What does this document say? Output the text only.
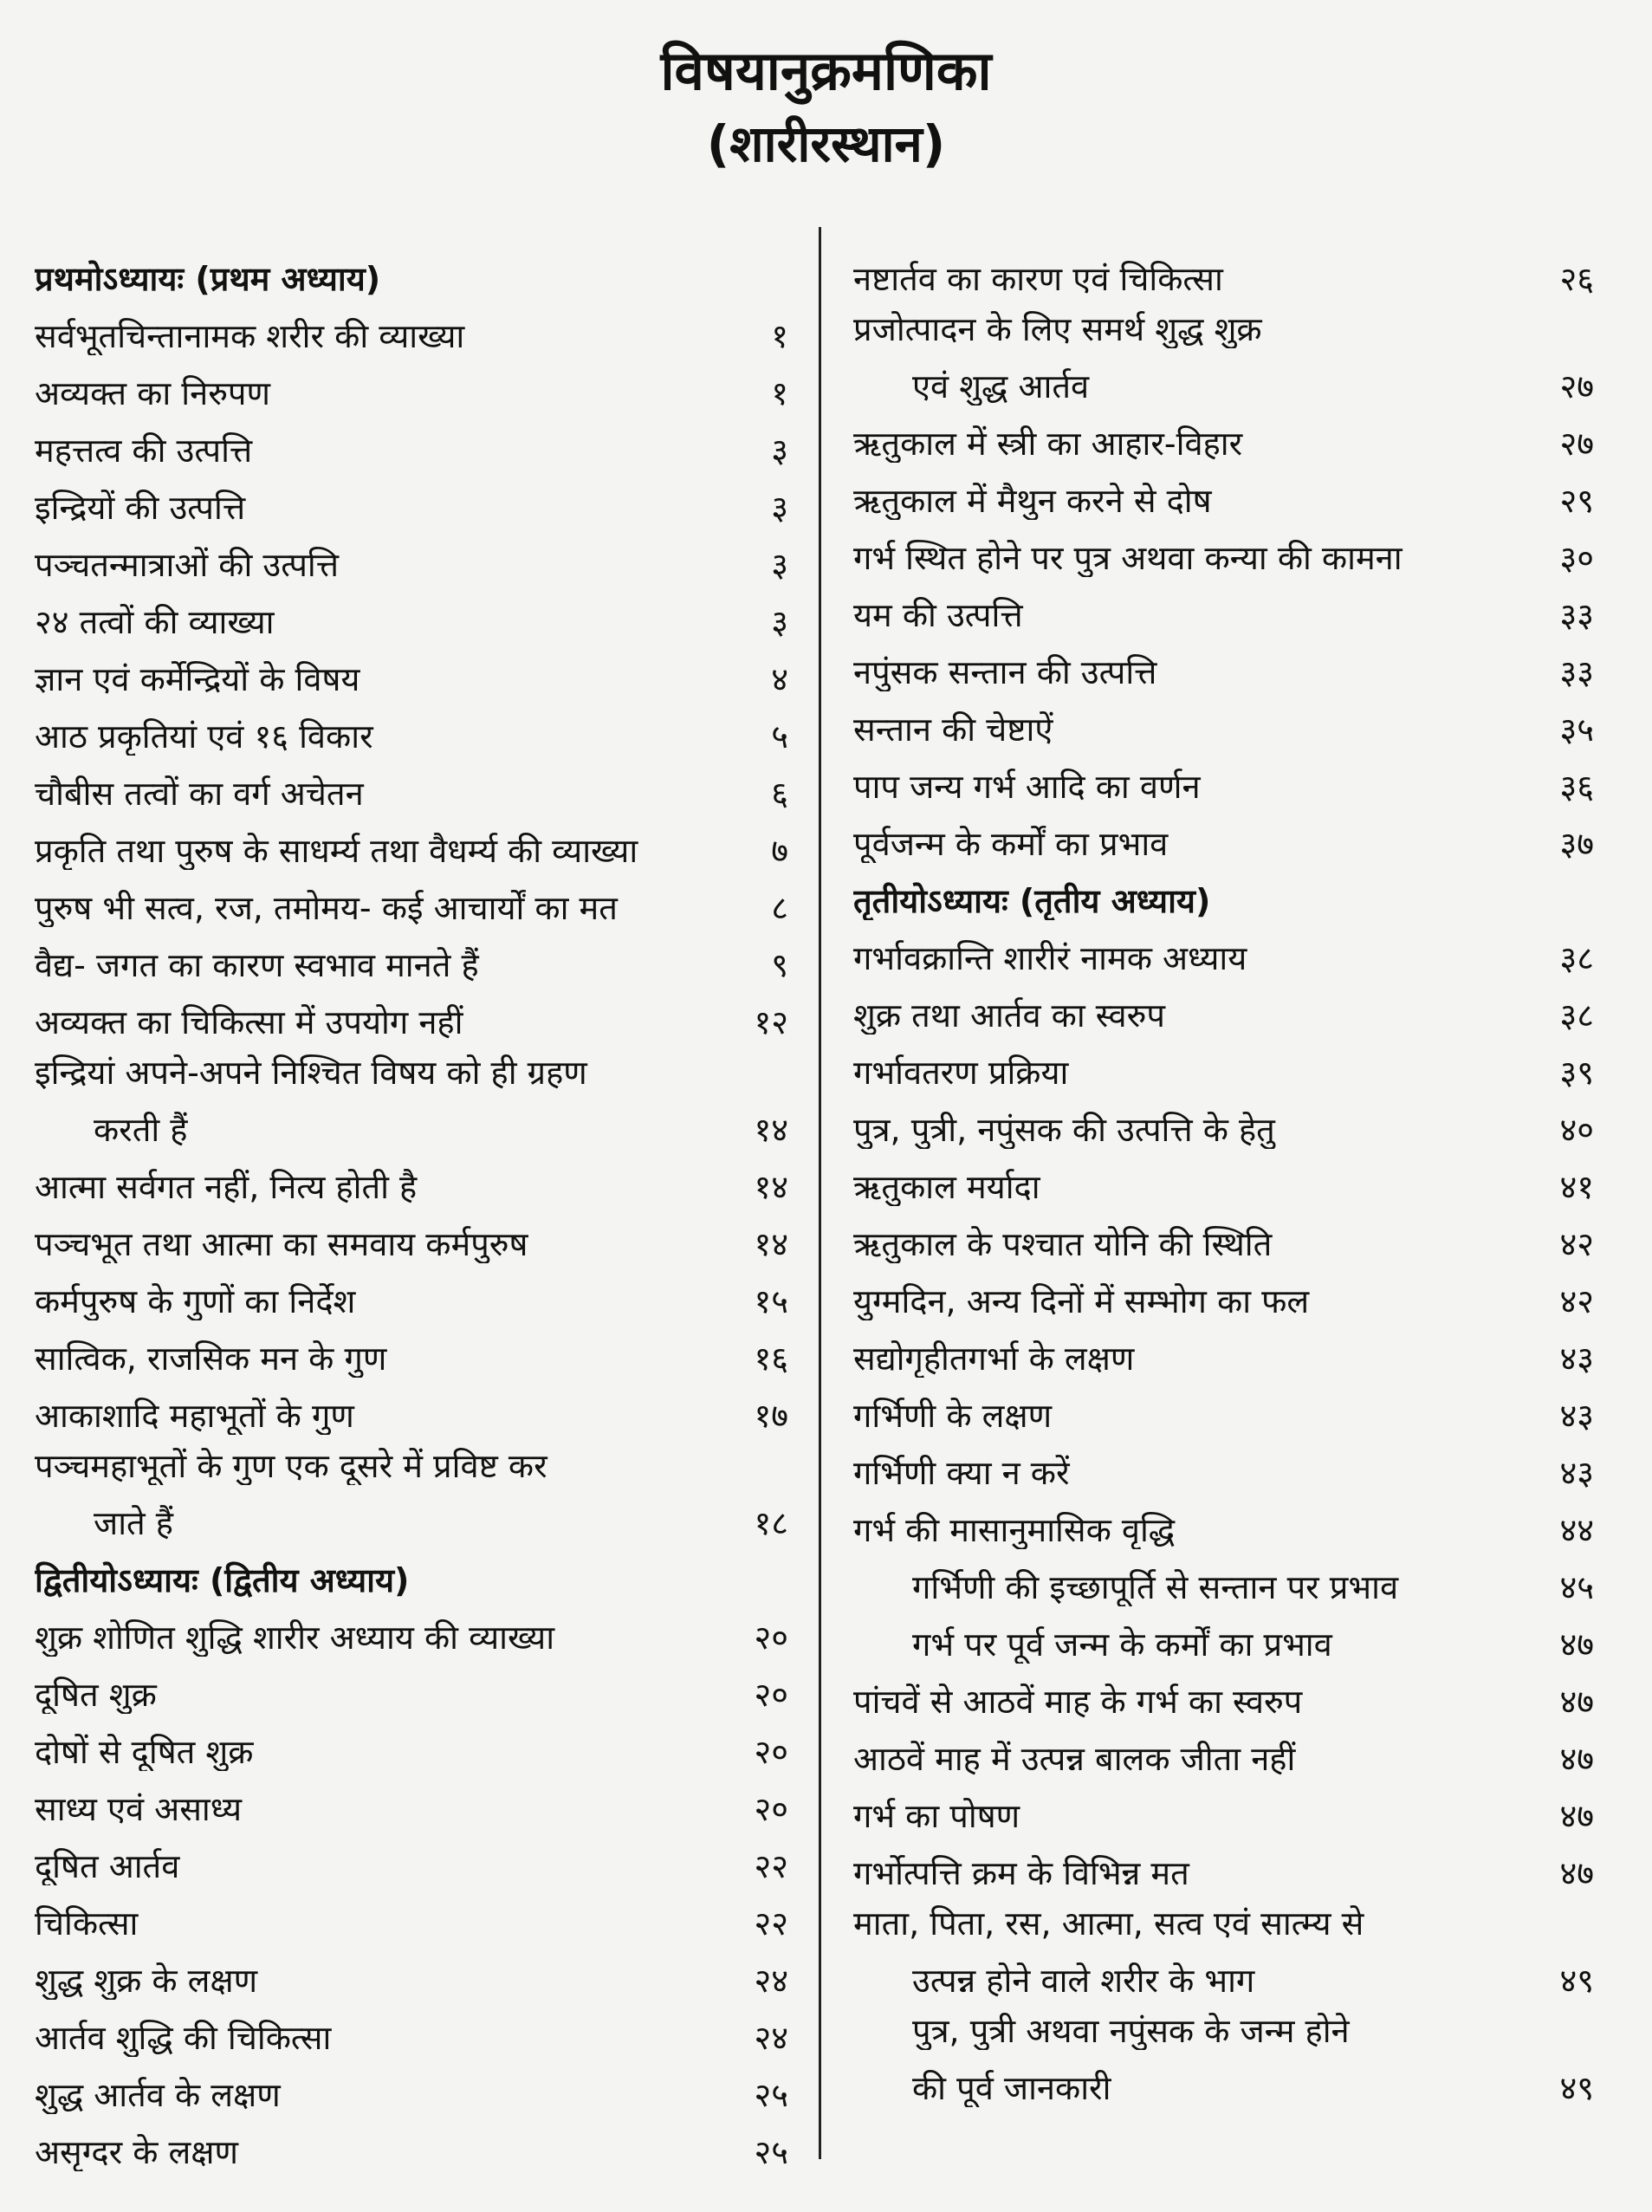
विषयानुक्रमणिका
(शारीरस्थान)
प्रथमोऽध्यायः (प्रथम अध्याय)
सर्वभूतचिन्तानामक शरीर की व्याख्या	१
अव्यक्त का निरुपण	१
महत्तत्व की उत्पत्ति	३
इन्द्रियों की उत्पत्ति	३
पञ्चतन्मात्राओं की उत्पत्ति	३
२४ तत्वों की व्याख्या	३
ज्ञान एवं कर्मेन्द्रियों के विषय	४
आठ प्रकृतियां एवं १६ विकार	५
चौबीस तत्वों का वर्ग अचेतन	६
प्रकृति तथा पुरुष के साधर्म्य तथा वैधर्म्य की व्याख्या	७
पुरुष भी सत्व, रज, तमोमय- कई आचार्यों का मत	८
वैद्य- जगत का कारण स्वभाव मानते हैं	९
अव्यक्त का चिकित्सा में उपयोग नहीं	१२
इन्द्रियां अपने-अपने निश्चित विषय को ही ग्रहण
करती हैं	१४
आत्मा सर्वगत नहीं, नित्य होती है	१४
पञ्चभूत तथा आत्मा का समवाय कर्मपुरुष	१४
कर्मपुरुष के गुणों का निर्देश	१५
सात्विक, राजसिक मन के गुण	१६
आकाशादि महाभूतों के गुण	१७
पञ्चमहाभूतों के गुण एक दूसरे में प्रविष्ट कर
जाते हैं	१८
द्वितीयोऽध्यायः (द्वितीय अध्याय)
शुक्र शोणित शुद्धि शारीर अध्याय की व्याख्या	२०
दूषित शुक्र	२०
दोषों से दूषित शुक्र	२०
साध्य एवं असाध्य	२०
दूषित आर्तव	२२
चिकित्सा	२२
शुद्ध शुक्र के लक्षण	२४
आर्तव शुद्धि की चिकित्सा	२४
शुद्ध आर्तव के लक्षण	२५
असृग्दर के लक्षण	२५
नष्टार्तव का कारण एवं चिकित्सा	२६
प्रजोत्पादन के लिए समर्थ शुद्ध शुक्र
एवं शुद्ध आर्तव	२७
ऋतुकाल में स्त्री का आहार-विहार	२७
ऋतुकाल में मैथुन करने से दोष	२९
गर्भ स्थित होने पर पुत्र अथवा कन्या की कामना	३०
यम की उत्पत्ति	३३
नपुंसक सन्तान की उत्पत्ति	३३
सन्तान की चेष्टाऐं	३५
पाप जन्य गर्भ आदि का वर्णन	३६
पूर्वजन्म के कर्मों का प्रभाव	३७
तृतीयोऽध्यायः (तृतीय अध्याय)
गर्भावक्रान्ति शारीरं नामक अध्याय	३८
शुक्र तथा आर्तव का स्वरुप	३८
गर्भावतरण प्रक्रिया	३९
पुत्र, पुत्री, नपुंसक की उत्पत्ति के हेतु	४०
ऋतुकाल मर्यादा	४१
ऋतुकाल के पश्चात योनि की स्थिति	४२
युग्मदिन, अन्य दिनों में सम्भोग का फल	४२
सद्योगृहीतगर्भा के लक्षण	४३
गर्भिणी के लक्षण	४३
गर्भिणी क्या न करें	४३
गर्भ की मासानुमासिक वृद्धि	४४
गर्भिणी की इच्छापूर्ति से सन्तान पर प्रभाव	४५
गर्भ पर पूर्व जन्म के कर्मों का प्रभाव	४७
पांचवें से आठवें माह के गर्भ का स्वरुप	४७
आठवें माह में उत्पन्न बालक जीता नहीं	४७
गर्भ का पोषण	४७
गर्भोत्पत्ति क्रम के विभिन्न मत	४७
माता, पिता, रस, आत्मा, सत्व एवं सात्म्य से
उत्पन्न होने वाले शरीर के भाग	४९
पुत्र, पुत्री अथवा नपुंसक के जन्म होने
की पूर्व जानकारी	४९
